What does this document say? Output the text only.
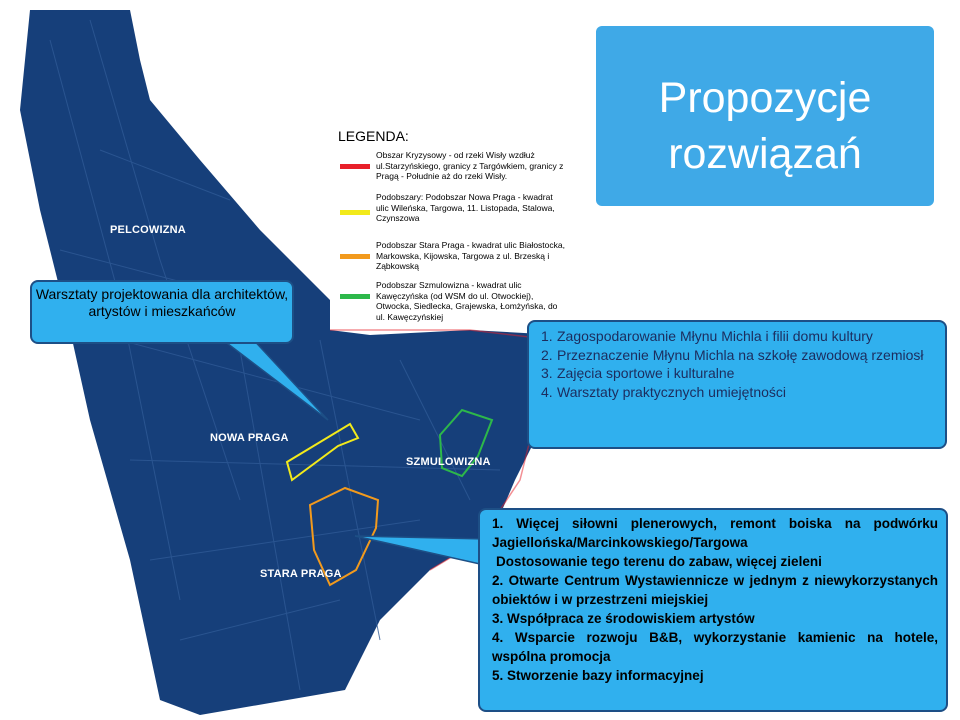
PELCOWIZNA
NOWA PRAGA
SZMULOWIZNA
STARA PRAGA
LEGENDA:
Obszar Kryzysowy - od rzeki Wisły wzdłuż ul.Starzyńskiego, granicy z Targówkiem, granicy z Pragą - Południe aż do rzeki Wisły.
Podobszary: Podobszar Nowa Praga - kwadrat ulic Wileńska, Targowa, 11. Listopada, Stalowa, Czynszowa
Podobszar Stara Praga - kwadrat ulic Białostocka, Markowska, Kijowska, Targowa z ul. Brzeską i Ząbkowską
Podobszar Szmulowizna - kwadrat ulic Kawęczyńska (od WSM do ul. Otwockiej), Otwocka, Siedlecka, Grajewska, Łomżyńska, do ul. Kawęczyńskiej
Propozycje rozwiązań
Warsztaty projektowania dla architektów, artystów i mieszkańców
1. Zagospodarowanie Młynu Michla i filii domu kultury
2. Przeznaczenie Młynu Michla na szkołę zawodową rzemiosł
3. Zajęcia sportowe i kulturalne
4. Warsztaty praktycznych umiejętności
1. Więcej siłowni plenerowych, remont boiska na podwórku Jagiellońska/Marcinkowskiego/Targowa
Dostosowanie tego terenu do zabaw, więcej zieleni
2. Otwarte Centrum Wystawiennicze w jednym z niewykorzystanych obiektów i w przestrzeni miejskiej
3. Współpraca ze środowiskiem artystów
4. Wsparcie rozwoju B&B, wykorzystanie kamienic na hotele, wspólna promocja
5. Stworzenie bazy informacyjnej
